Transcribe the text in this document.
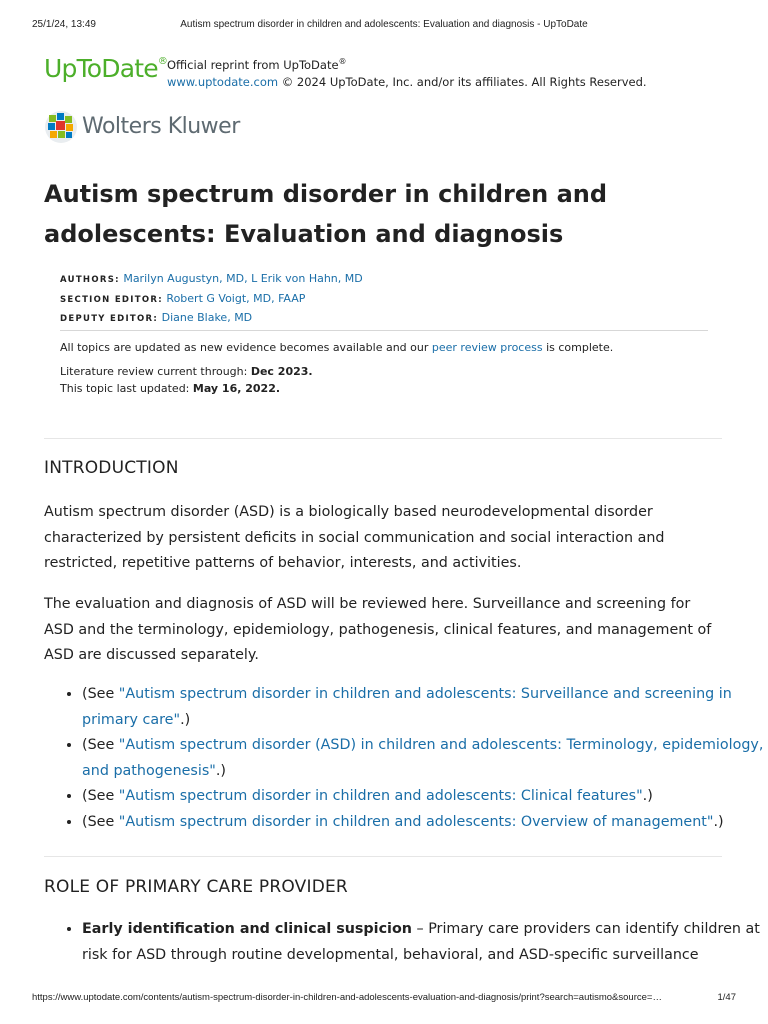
25/1/24, 13:49	Autism spectrum disorder in children and adolescents: Evaluation and diagnosis - UpToDate
UpToDate® Official reprint from UpToDate®
www.uptodate.com © 2024 UpToDate, Inc. and/or its affiliates. All Rights Reserved.
Wolters Kluwer
Autism spectrum disorder in children and adolescents: Evaluation and diagnosis
AUTHORS: Marilyn Augustyn, MD, L Erik von Hahn, MD
SECTION EDITOR: Robert G Voigt, MD, FAAP
DEPUTY EDITOR: Diane Blake, MD

All topics are updated as new evidence becomes available and our peer review process is complete.

Literature review current through: Dec 2023.

This topic last updated: May 16, 2022.

INTRODUCTION

Autism spectrum disorder (ASD) is a biologically based neurodevelopmental disorder characterized by persistent deficits in social communication and social interaction and restricted, repetitive patterns of behavior, interests, and activities.

The evaluation and diagnosis of ASD will be reviewed here. Surveillance and screening for ASD and the terminology, epidemiology, pathogenesis, clinical features, and management of ASD are discussed separately.

• (See "Autism spectrum disorder in children and adolescents: Surveillance and screening in primary care".)
• (See "Autism spectrum disorder (ASD) in children and adolescents: Terminology, epidemiology, and pathogenesis".)
• (See "Autism spectrum disorder in children and adolescents: Clinical features".)
• (See "Autism spectrum disorder in children and adolescents: Overview of management".)
ROLE OF PRIMARY CARE PROVIDER
• Early identification and clinical suspicion – Primary care providers can identify children at risk for ASD through routine developmental, behavioral, and ASD-specific surveillance
https://www.uptodate.com/contents/autism-spectrum-disorder-in-children-and-adolescents-evaluation-and-diagnosis/print?search=autismo&source=…	1/47
